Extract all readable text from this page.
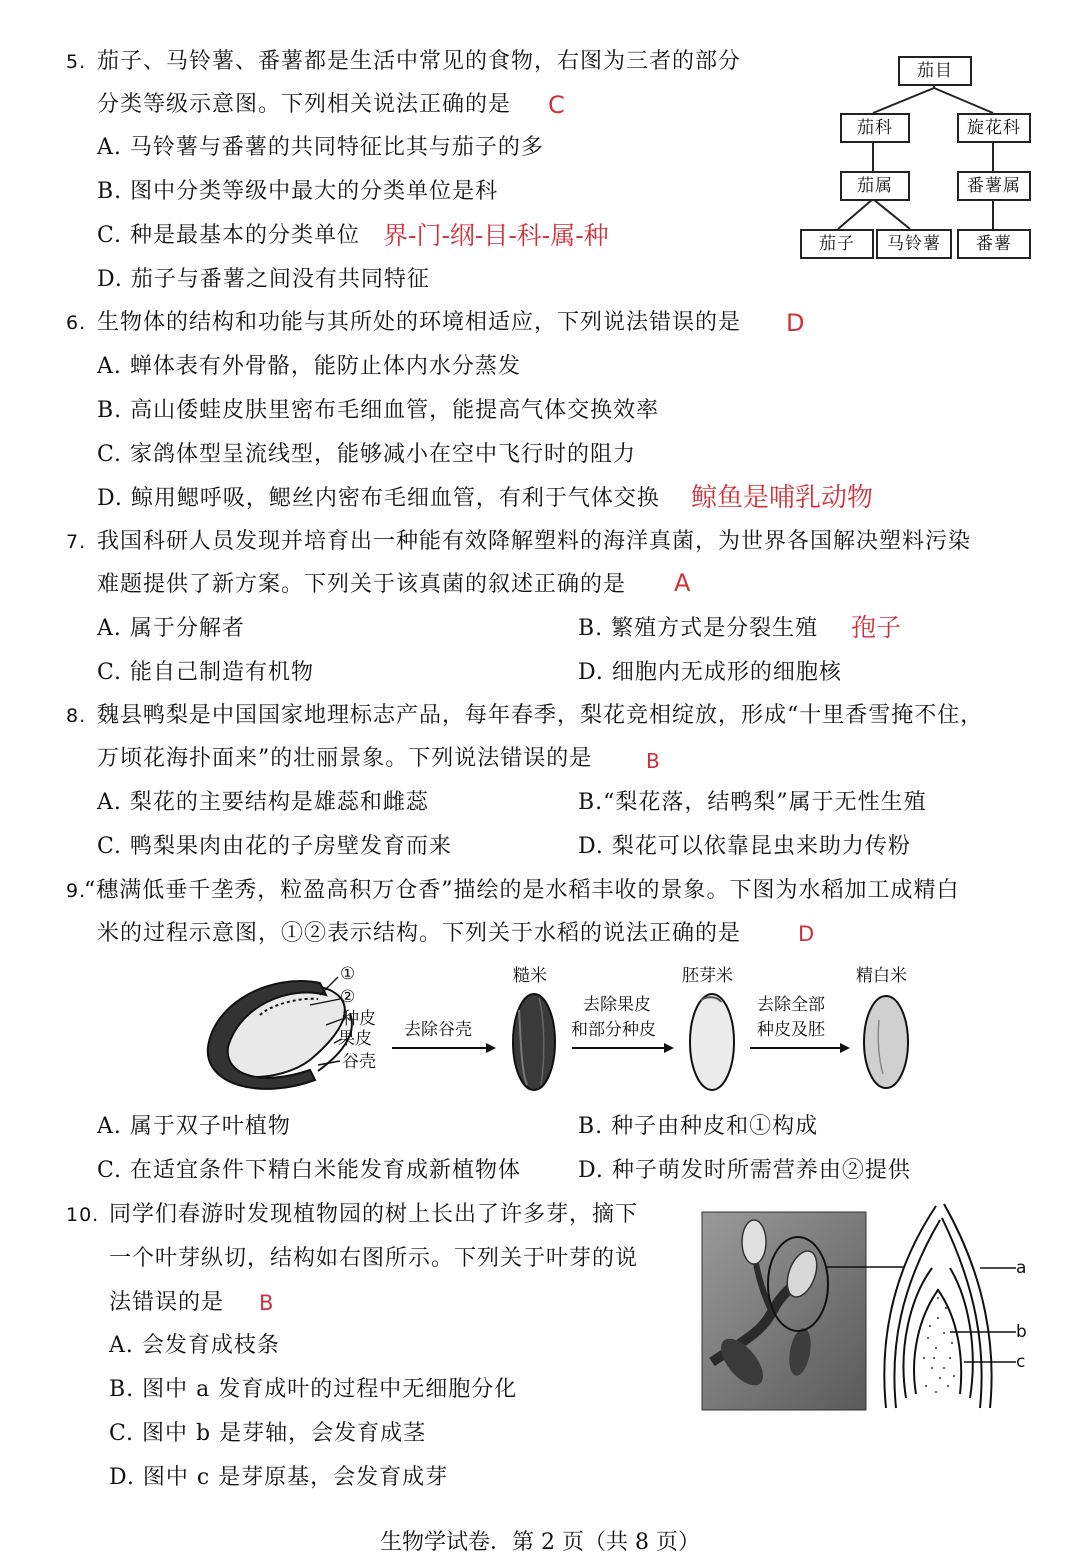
5. 茄子、马铃薯、番薯都是生活中常见的食物，右图为三者的部分
分类等级示意图。下列相关说法正确的是 C
A. 马铃薯与番薯的共同特征比其与茄子的多
B. 图中分类等级中最大的分类单位是科
C. 种是最基本的分类单位 界-门-纲-目-科-属-种
D. 茄子与番薯之间没有共同特征
茄目
茄科	旋花科
茄属	番薯属
茄子	马铃薯	番薯
6. 生物体的结构和功能与其所处的环境相适应，下列说法错误的是 D
A. 蝉体表有外骨骼，能防止体内水分蒸发
B. 高山倭蛙皮肤里密布毛细血管，能提高气体交换效率
C. 家鸽体型呈流线型，能够减小在空中飞行时的阻力
D. 鲸用鳃呼吸，鳃丝内密布毛细血管，有利于气体交换 鲸鱼是哺乳动物
7. 我国科研人员发现并培育出一种能有效降解塑料的海洋真菌，为世界各国解决塑料污染
难题提供了新方案。下列关于该真菌的叙述正确的是 A
A. 属于分解者	B. 繁殖方式是分裂生殖 孢子
C. 能自己制造有机物	D. 细胞内无成形的细胞核
8. 魏县鸭梨是中国国家地理标志产品，每年春季，梨花竞相绽放，形成“十里香雪掩不住，
万顷花海扑面来”的壮丽景象。下列说法错误的是	B
A. 梨花的主要结构是雄蕊和雌蕊	B.“梨花落，结鸭梨”属于无性生殖
C. 鸭梨果肉由花的子房壁发育而来	D. 梨花可以依靠昆虫来助力传粉
9.
“穗满低垂千垄秀，粒盈高积万仓香”描绘的是水稻丰收的景象。下图为水稻加工成精白
米的过程示意图，①②表示结构。下列关于水稻的说法正确的是	D
①
②
种皮
果皮
谷壳
去除谷壳
糙米
去除果皮
和部分种皮
胚芽米
去除全部
种皮及胚
精白米
A. 属于双子叶植物	B. 种子由种皮和①构成
C. 在适宜条件下精白米能发育成新植物体	D. 种子萌发时所需营养由②提供
10. 同学们春游时发现植物园的树上长出了许多芽，摘下
一个叶芽纵切，结构如右图所示。下列关于叶芽的说
法错误的是 B
A. 会发育成枝条
B. 图中 a 发育成叶的过程中无细胞分化
C. 图中 b 是芽轴，会发育成茎
D. 图中 c 是芽原基，会发育成芽
a
b
c
生物学试卷．第 2 页（共 8 页）
